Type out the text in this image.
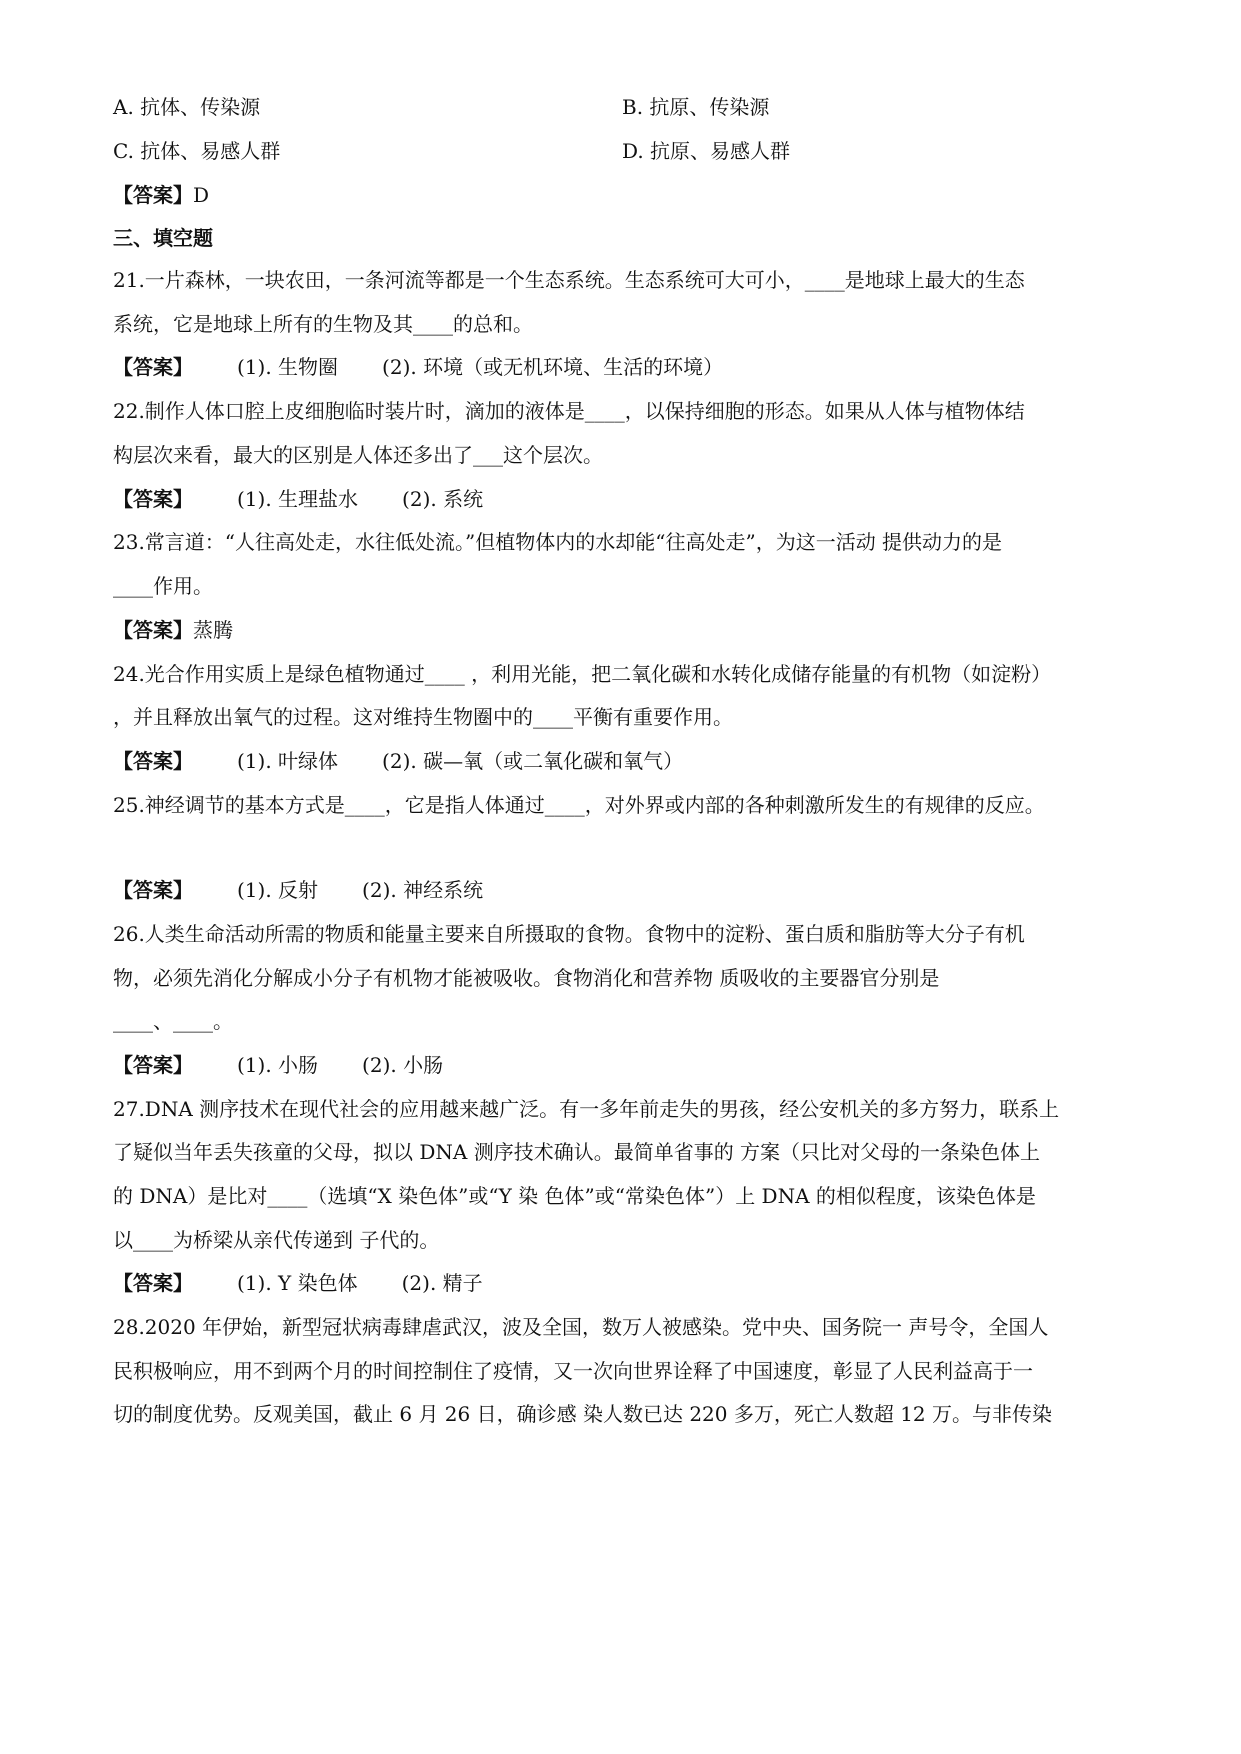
A. 抗体、传染源	B. 抗原、传染源
C. 抗体、易感人群	D. 抗原、易感人群
【答案】D
三、填空题
21.一片森林，一块农田，一条河流等都是一个生态系统。生态系统可大可小，____是地球上最大的生态
系统，它是地球上所有的生物及其____的总和。
【答案】 (1). 生物圈 (2). 环境（或无机环境、生活的环境）
22.制作人体口腔上皮细胞临时装片时，滴加的液体是____，以保持细胞的形态。如果从人体与植物体结
构层次来看，最大的区别是人体还多出了___这个层次。
【答案】 (1). 生理盐水 (2). 系统
23.常言道：“人往高处走，水往低处流。”但植物体内的水却能“往高处走”，为这一活动 提供动力的是
____作用。
【答案】蒸腾
24.光合作用实质上是绿色植物通过____ ，利用光能，把二氧化碳和水转化成储存能量的有机物（如淀粉）
，并且释放出氧气的过程。这对维持生物圈中的____平衡有重要作用。
【答案】 (1). 叶绿体 (2). 碳—氧（或二氧化碳和氧气）
25.神经调节的基本方式是____，它是指人体通过____，对外界或内部的各种刺激所发生的有规律的反应。
【答案】 (1). 反射 (2). 神经系统
26.人类生命活动所需的物质和能量主要来自所摄取的食物。食物中的淀粉、蛋白质和脂肪等大分子有机
物，必须先消化分解成小分子有机物才能被吸收。食物消化和营养物 质吸收的主要器官分别是
____、____。
【答案】 (1). 小肠 (2). 小肠
27.DNA 测序技术在现代社会的应用越来越广泛。有一多年前走失的男孩，经公安机关的多方努力，联系上
了疑似当年丢失孩童的父母，拟以 DNA 测序技术确认。最简单省事的 方案（只比对父母的一条染色体上
的 DNA）是比对____（选填“X 染色体”或“Y 染 色体”或“常染色体”）上 DNA 的相似程度，该染色体是
以____为桥梁从亲代传递到 子代的。
【答案】 (1). Y 染色体 (2). 精子
28.2020 年伊始，新型冠状病毒肆虐武汉，波及全国，数万人被感染。党中央、国务院一 声号令，全国人
民积极响应，用不到两个月的时间控制住了疫情，又一次向世界诠释了中国速度，彰显了人民利益高于一
切的制度优势。反观美国，截止 6 月 26 日，确诊感 染人数已达 220 多万，死亡人数超 12 万。与非传染
